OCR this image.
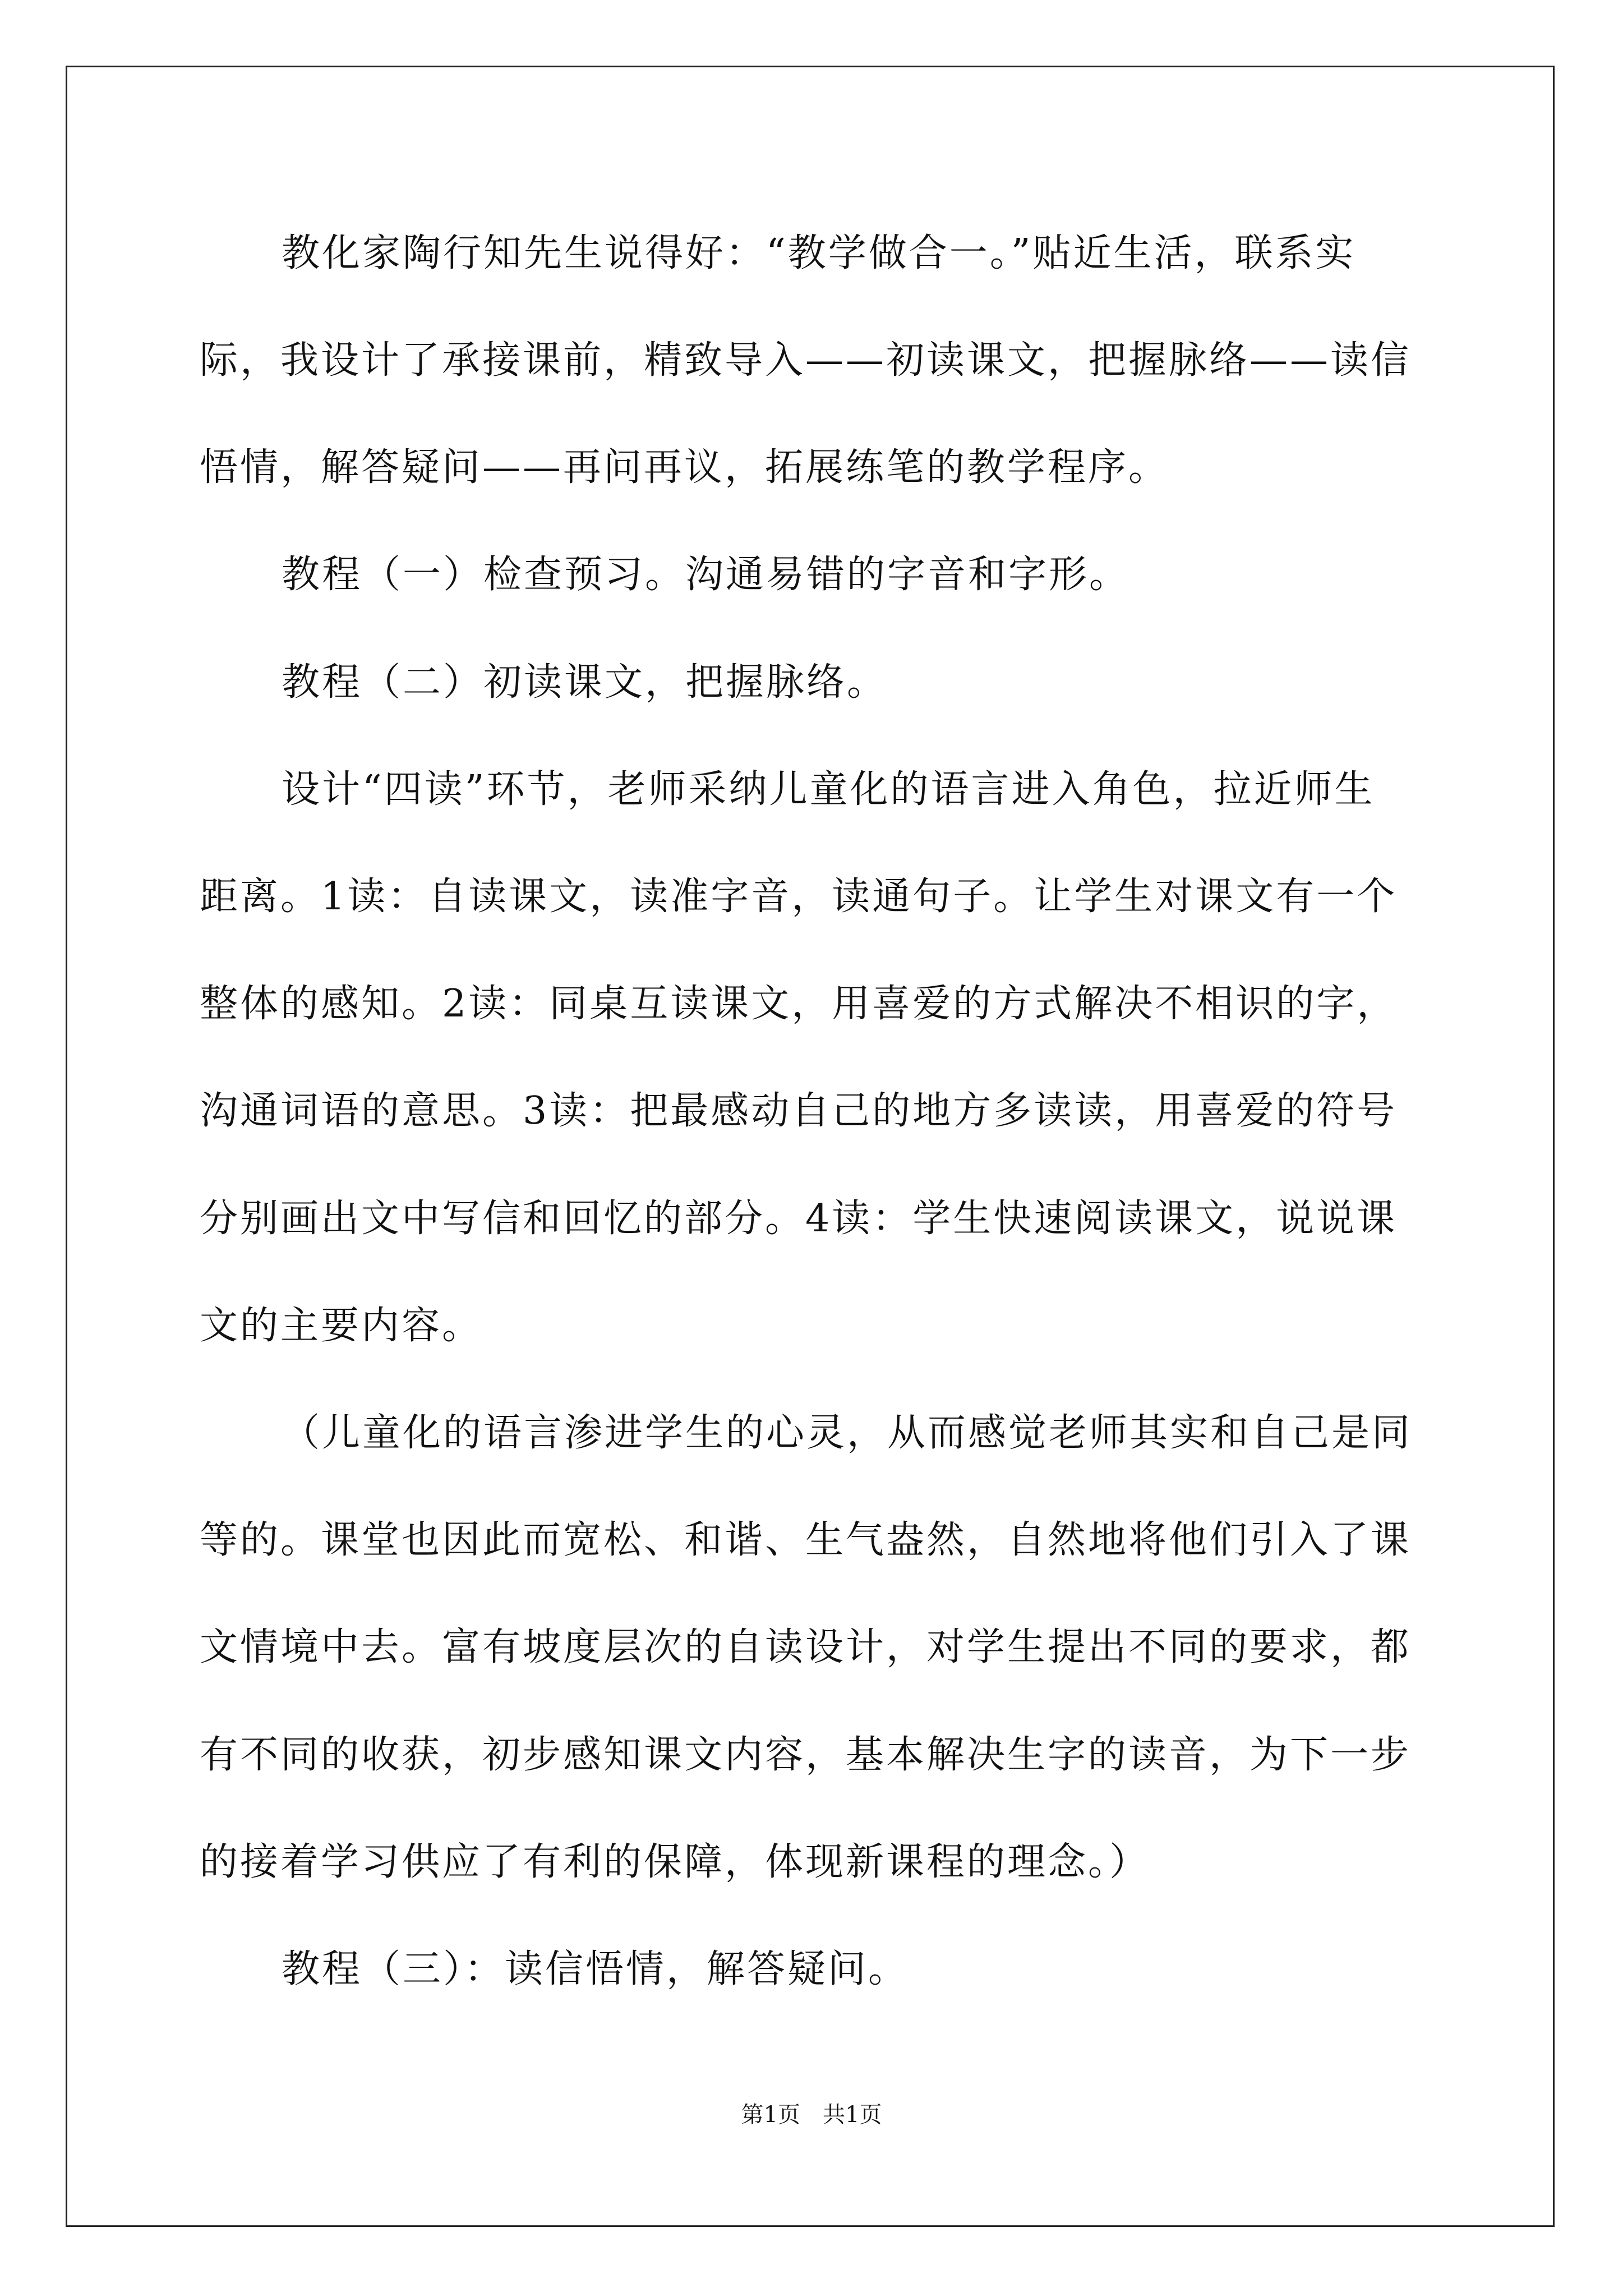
教化家陶行知先生说得好：“教学做合一。”贴近生活，联系实
际，我设计了承接课前，精致导入——初读课文，把握脉络——读信
悟情，解答疑问——再问再议，拓展练笔的教学程序。
教程（一）检查预习。沟通易错的字音和字形。
教程（二）初读课文，把握脉络。
设计“四读”环节，老师采纳儿童化的语言进入角色，拉近师生
距离。1读：自读课文，读准字音，读通句子。让学生对课文有一个
整体的感知。2读：同桌互读课文，用喜爱的方式解决不相识的字，
沟通词语的意思。3读：把最感动自己的地方多读读，用喜爱的符号
分别画出文中写信和回忆的部分。4读：学生快速阅读课文，说说课
文的主要内容。
（儿童化的语言渗进学生的心灵，从而感觉老师其实和自己是同
等的。课堂也因此而宽松、和谐、生气盎然，自然地将他们引入了课
文情境中去。富有坡度层次的自读设计，对学生提出不同的要求，都
有不同的收获，初步感知课文内容，基本解决生字的读音，为下一步
的接着学习供应了有利的保障，体现新课程的理念。）
教程（三）：读信悟情，解答疑问。
第1页 共1页
